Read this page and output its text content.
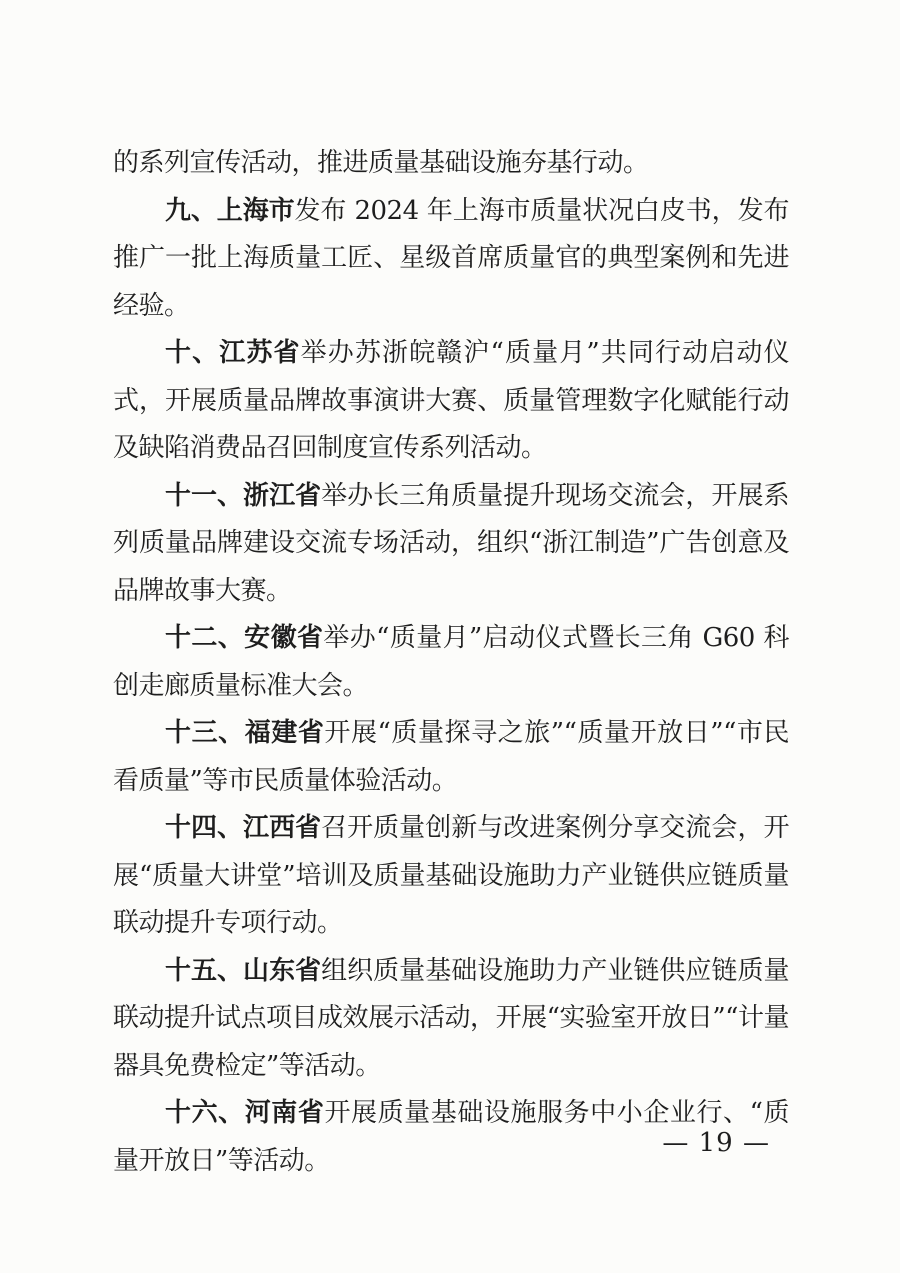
的系列宣传活动，推进质量基础设施夯基行动。

九、上海市发布 2024 年上海市质量状况白皮书，发布推广一批上海质量工匠、星级首席质量官的典型案例和先进经验。

十、江苏省举办苏浙皖赣沪“质量月”共同行动启动仪式，开展质量品牌故事演讲大赛、质量管理数字化赋能行动及缺陷消费品召回制度宣传系列活动。

十一、浙江省举办长三角质量提升现场交流会，开展系列质量品牌建设交流专场活动，组织“浙江制造”广告创意及品牌故事大赛。

十二、安徽省举办“质量月”启动仪式暨长三角 G60 科创走廊质量标准大会。

十三、福建省开展“质量探寻之旅”“质量开放日”“市民看质量”等市民质量体验活动。

十四、江西省召开质量创新与改进案例分享交流会，开展“质量大讲堂”培训及质量基础设施助力产业链供应链质量联动提升专项行动。

十五、山东省组织质量基础设施助力产业链供应链质量联动提升试点项目成效展示活动，开展“实验室开放日”“计量器具免费检定”等活动。

十六、河南省开展质量基础设施服务中小企业行、“质量开放日”等活动。

— 19 —
